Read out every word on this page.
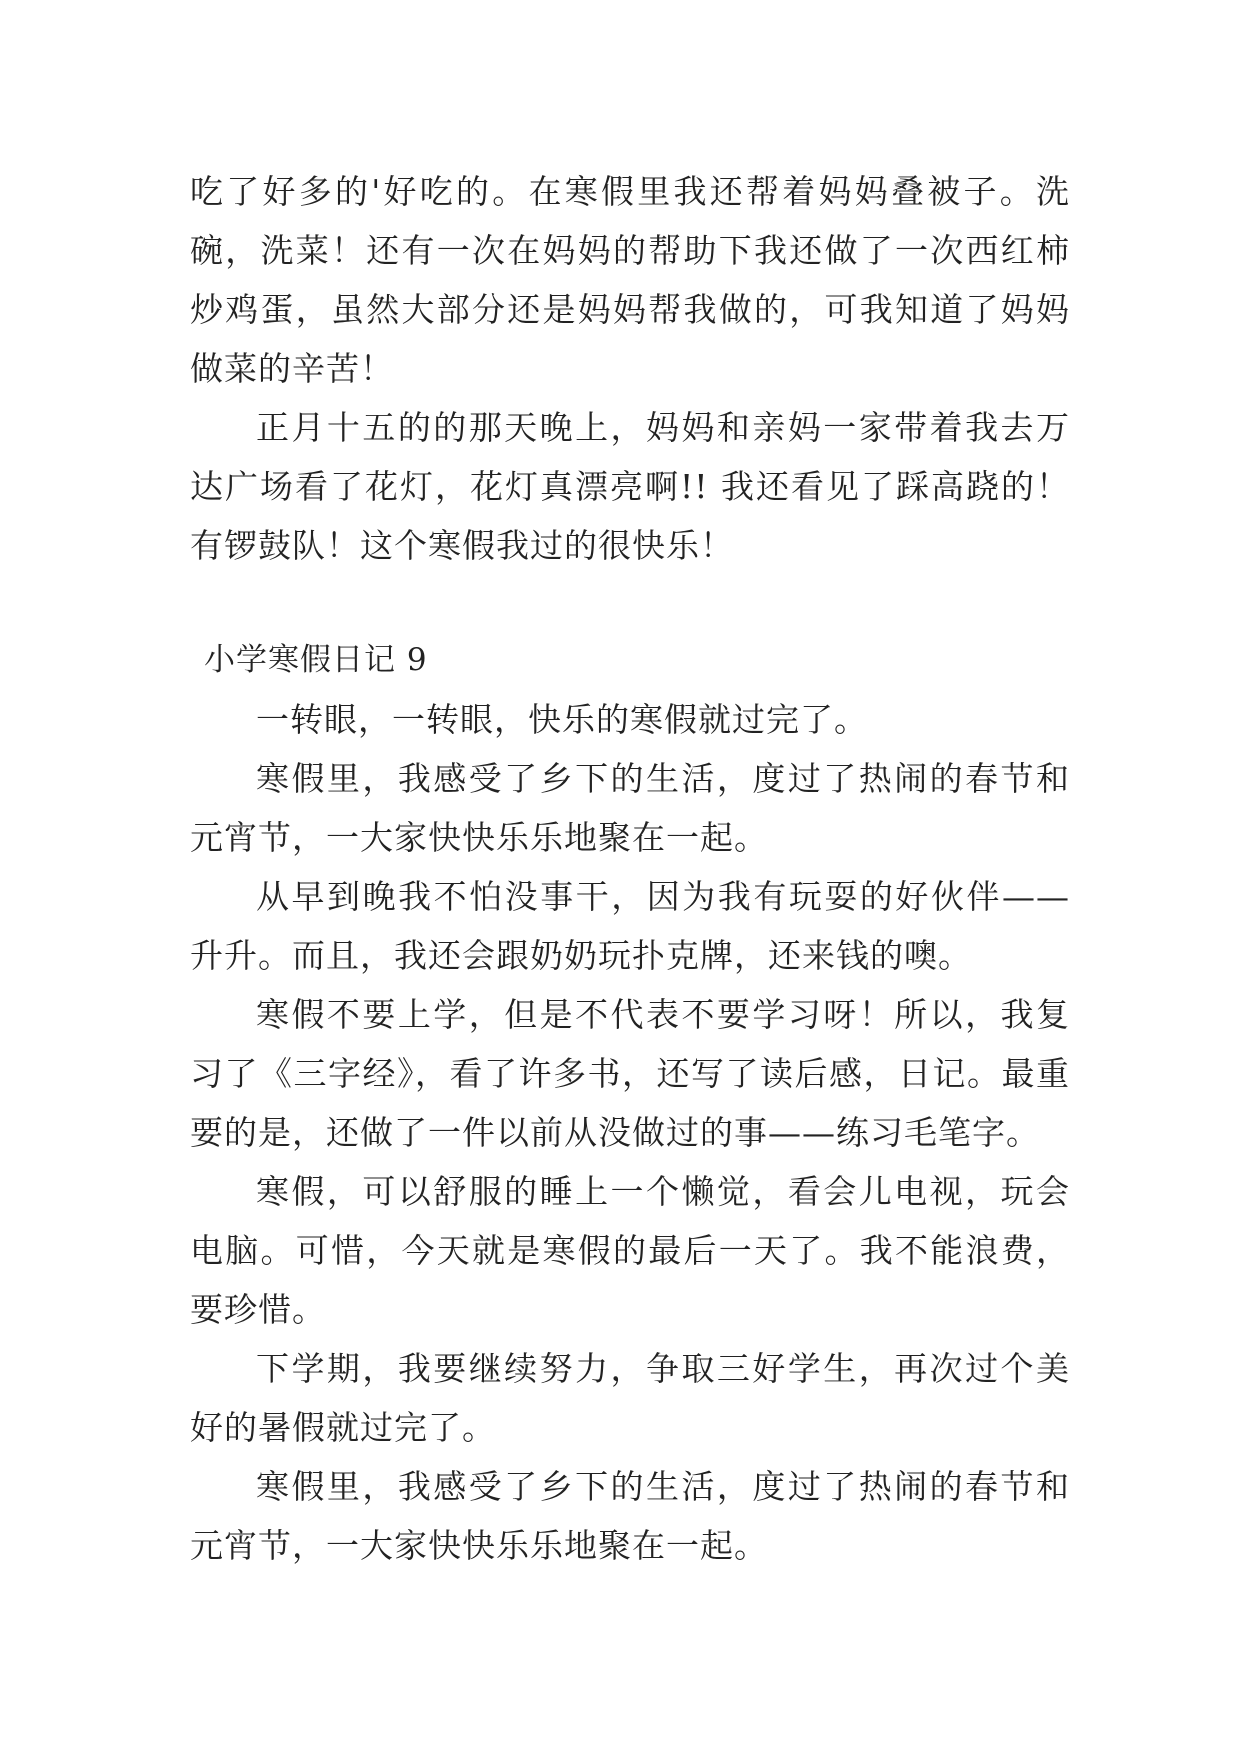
吃了好多的'好吃的。在寒假里我还帮着妈妈叠被子。洗碗，洗菜！还有一次在妈妈的帮助下我还做了一次西红柿炒鸡蛋，虽然大部分还是妈妈帮我做的，可我知道了妈妈做菜的辛苦！

正月十五的的那天晚上，妈妈和亲妈一家带着我去万达广场看了花灯，花灯真漂亮啊!! 我还看见了踩高跷的！有锣鼓队！这个寒假我过的很快乐！

小学寒假日记 9

一转眼，一转眼，快乐的寒假就过完了。

寒假里，我感受了乡下的生活，度过了热闹的春节和元宵节，一大家快快乐乐地聚在一起。

从早到晚我不怕没事干，因为我有玩耍的好伙伴——升升。而且，我还会跟奶奶玩扑克牌，还来钱的噢。

寒假不要上学，但是不代表不要学习呀！所以，我复习了《三字经》，看了许多书，还写了读后感，日记。最重要的是，还做了一件以前从没做过的事——练习毛笔字。

寒假，可以舒服的睡上一个懒觉，看会儿电视，玩会电脑。可惜，今天就是寒假的最后一天了。我不能浪费，要珍惜。

下学期，我要继续努力，争取三好学生，再次过个美好的暑假就过完了。

寒假里，我感受了乡下的生活，度过了热闹的春节和元宵节，一大家快快乐乐地聚在一起。
